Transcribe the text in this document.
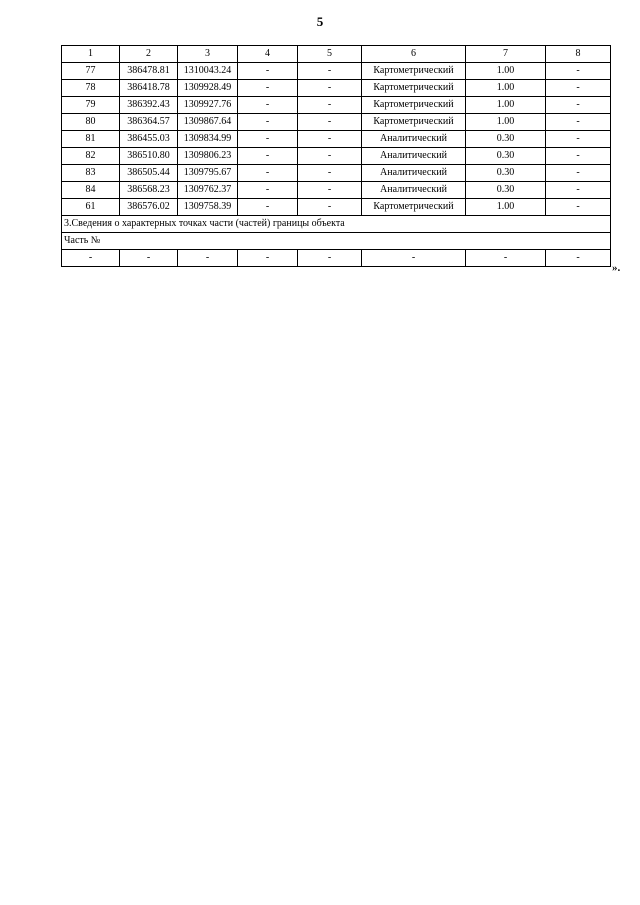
5
1	2	3	4	5	6	7	8
77	386478.81	1310043.24	-	-	Картометрический	1.00	-
78	386418.78	1309928.49	-	-	Картометрический	1.00	-
79	386392.43	1309927.76	-	-	Картометрический	1.00	-
80	386364.57	1309867.64	-	-	Картометрический	1.00	-
81	386455.03	1309834.99	-	-	Аналитический	0.30	-
82	386510.80	1309806.23	-	-	Аналитический	0.30	-
83	386505.44	1309795.67	-	-	Аналитический	0.30	-
84	386568.23	1309762.37	-	-	Аналитический	0.30	-
61	386576.02	1309758.39	-	-	Картометрический	1.00	-
3.Сведения о характерных точках части (частей) границы объекта							
Часть №							
-	-	-	-	-	-	-	-
».
